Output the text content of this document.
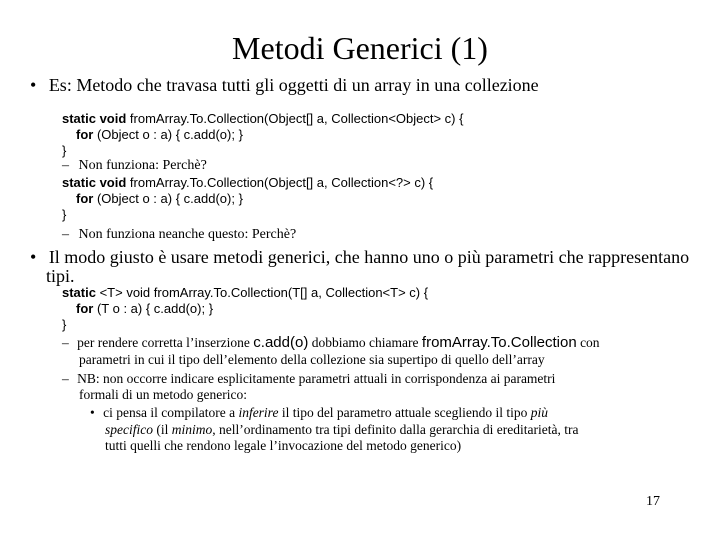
Metodi Generici (1)
• Es: Metodo che travasa tutti gli oggetti di un array in una collezione
static void fromArray.To.Collection(Object[] a, Collection<Object> c) {
for (Object o : a) { c.add(o); }
}
– Non funziona: Perchè?
static void fromArray.To.Collection(Object[] a, Collection<?> c) {
for (Object o : a) { c.add(o); }
}
– Non funziona neanche questo: Perchè?
• Il modo giusto è usare metodi generici, che hanno uno o più parametri che rappresentano
tipi.
static <T> void fromArray.To.Collection(T[] a, Collection<T> c) {
for (T o : a) { c.add(o); }
}
– per rendere corretta l’inserzione c.add(o) dobbiamo chiamare fromArray.To.Collection con
parametri in cui il tipo dell’elemento della collezione sia supertipo di quello dell’array
– NB: non occorre indicare esplicitamente parametri attuali in corrispondenza ai parametri
formali di un metodo generico:
• ci pensa il compilatore a inferire il tipo del parametro attuale scegliendo il tipo più
specifico (il minimo, nell’ordinamento tra tipi definito dalla gerarchia di ereditarietà, tra
tutti quelli che rendono legale l’invocazione del metodo generico)
17
